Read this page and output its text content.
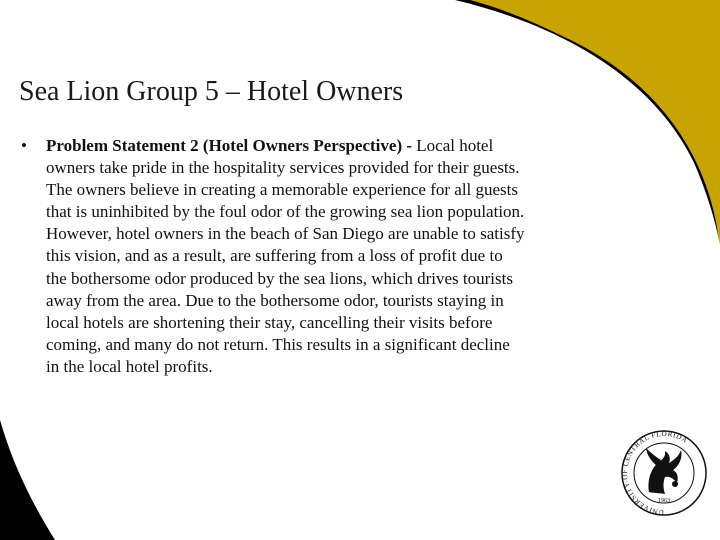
Sea Lion Group 5 – Hotel Owners
• Problem Statement 2 (Hotel Owners Perspective) - Local hotel
owners take pride in the hospitality services provided for their guests.
The owners believe in creating a memorable experience for all guests
that is uninhibited by the foul odor of the growing sea lion population.
However, hotel owners in the beach of San Diego are unable to satisfy
this vision, and as a result, are suffering from a loss of profit due to
the bothersome odor produced by the sea lions, which drives tourists
away from the area. Due to the bothersome odor, tourists staying in
local hotels are shortening their stay, cancelling their visits before
coming, and many do not return. This results in a significant decline
in the local hotel profits.
UNIVERSITY OF CENTRAL FLORIDA
1963
